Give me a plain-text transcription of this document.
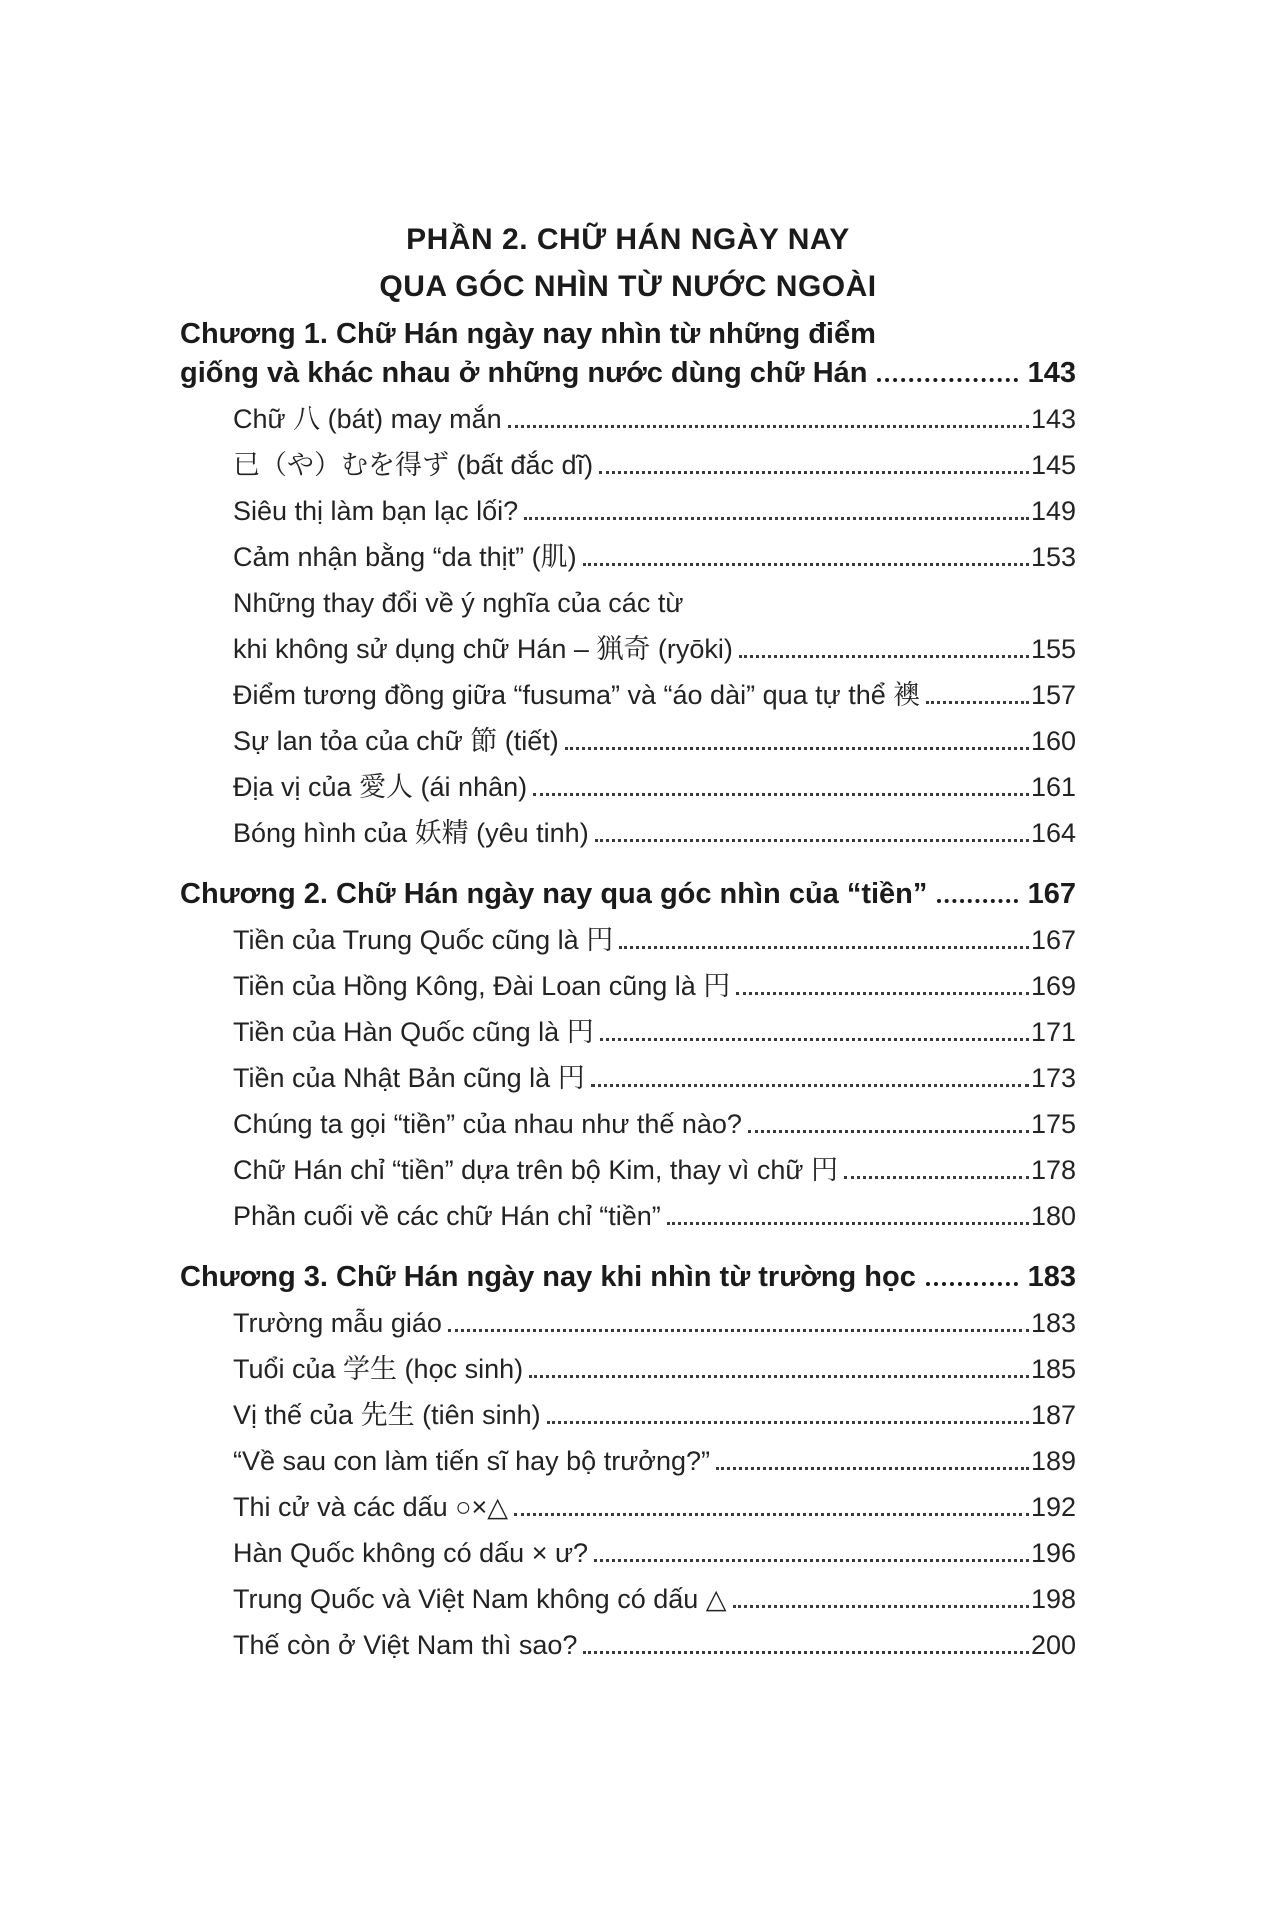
PHẦN 2. CHỮ HÁN NGÀY NAY
QUA GÓC NHÌN TỪ NƯỚC NGOÀI
Chương 1. Chữ Hán ngày nay nhìn từ những điểm
giống và khác nhau ở những nước dùng chữ Hán	143
Chữ 八 (bát) may mắn	143
已（や）むを得ず (bất đắc dĩ)	145
Siêu thị làm bạn lạc lối?	149
Cảm nhận bằng “da thịt” (肌)	153
Những thay đổi về ý nghĩa của các từ
khi không sử dụng chữ Hán – 猟奇 (ryōki)	155
Điểm tương đồng giữa “fusuma” và “áo dài” qua tự thể 襖	157
Sự lan tỏa của chữ 節 (tiết)	160
Địa vị của 愛人 (ái nhân)	161
Bóng hình của 妖精 (yêu tinh)	164
Chương 2. Chữ Hán ngày nay qua góc nhìn của “tiền”	167
Tiền của Trung Quốc cũng là 円	167
Tiền của Hồng Kông, Đài Loan cũng là 円	169
Tiền của Hàn Quốc cũng là 円	171
Tiền của Nhật Bản cũng là 円	173
Chúng ta gọi “tiền” của nhau như thế nào?	175
Chữ Hán chỉ “tiền” dựa trên bộ Kim, thay vì chữ 円	178
Phần cuối về các chữ Hán chỉ “tiền”	180
Chương 3. Chữ Hán ngày nay khi nhìn từ trường học	183
Trường mẫu giáo	183
Tuổi của 学生 (học sinh)	185
Vị thế của 先生 (tiên sinh)	187
“Về sau con làm tiến sĩ hay bộ trưởng?”	189
Thi cử và các dấu ○×△	192
Hàn Quốc không có dấu × ư?	196
Trung Quốc và Việt Nam không có dấu △	198
Thế còn ở Việt Nam thì sao?	200
